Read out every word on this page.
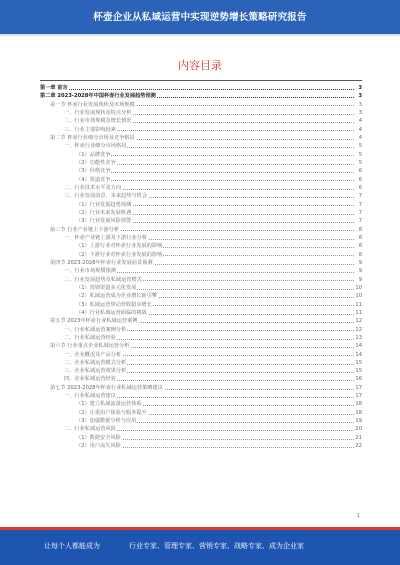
杯壶企业从私域运营中实现逆势增长策略研究报告
内容目录
第一章 前言	3
第二章 2023-2028年中国杯壶行业发展趋势预测	3
第一节 杯壶行业发展现状及市场规模	3
一、行业发展现状及特点分析	3
二、行业市场规模及增长情况	4
三、行业主要影响因素	4
第二节 杯壶行业细分市场及竞争格局	4
一、杯壶行业细分市场格局	5
（1）品牌竞争	5
（2）功能性竞争	5
（3）价格竞争	6
（4）渠道竞争	6
二、行业技术水平及方向	6
三、行业发展前景、未来趋势与机会	7
（1）行业发展趋势预测	7
（2）行业未来发展机遇	7
（3）行业发展风险预警	7
第三节 行业产业链上下游分析	8
一、杯壶产业链上游及下游行业分析	8
（1）上游行业对杯壶行业发展的影响	8
（2）下游行业对杯壶行业发展的影响	8
第四节 2023-2028年杯壶行业发展前景预测	9
一、行业市场规模预测	9
二、行业发展趋势及私域运营模式	9
（1）营销渠道多元化发展	10
（2）私域运营成为企业增长新引擎	10
（3）私域运营带动营收稳步增长	11
（4）行业私域运营面临的挑战	11
第五节 2023年杯壶行业私域运营案例	12
一、行业私域运营案例分析	12
二、行业私域运营经验	13
第六节 行业重点企业私域运营分析	14
一、企业概况及产品分析	14
二、企业私域运营模式分析	15
三、企业私域运营效果分析	15
四、企业私域运营经验	16
第七节 2023-2028年杯壶行业私域运营策略建议	17
一、行业私域运营建议	17
（1）建立私域流量运营体系	18
（2）注重用户体验与服务提升	18
（3）加强数据分析与应用	19
二、行业私域运营风险	20
（1）数据安全风险	21
（2）用户流失风险	22
1
让每个人都能成为	行业专家、管理专家、营销专家、战略专家、成为企业家
